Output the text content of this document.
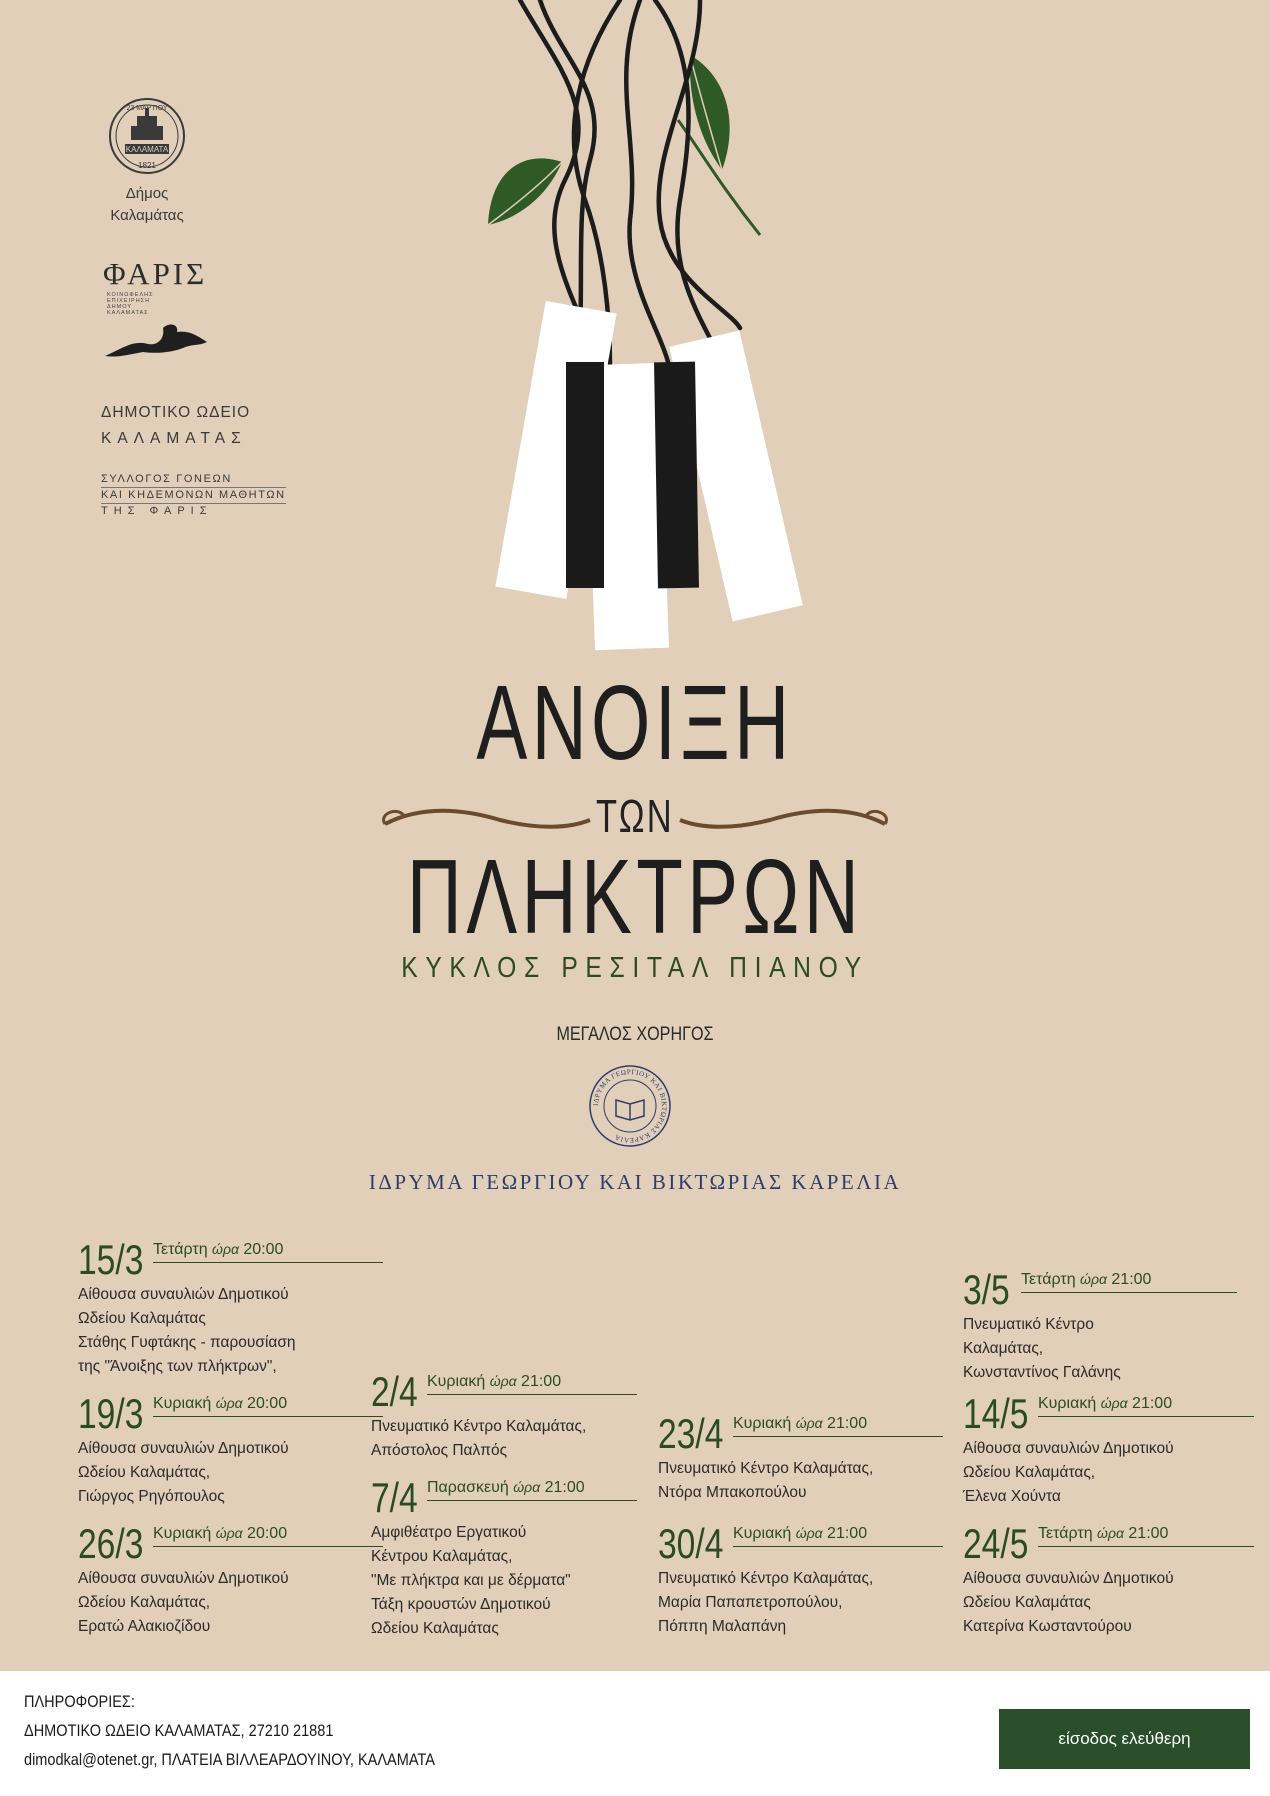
23 ΜΑΡΤΙΟΥ
ΚΑΛΑΜΑΤΑ
1821
Δήμος
Καλαμάτας
ΦΑΡΙΣ
ΚΟΙΝΩΦΕΛΗΣ
ΕΠΙΧΕΙΡΗΣΗ
ΔΗΜΟΥ
ΚΑΛΑΜΑΤΑΣ
ΔΗΜΟΤΙΚΟ ΩΔΕΙΟ
ΚΑΛΑΜΑΤΑΣ
ΣΥΛΛΟΓΟΣ ΓΟΝΕΩΝ
ΚΑΙ ΚΗΔΕΜΟΝΩΝ ΜΑΘΗΤΩΝ
ΤΗΣ ΦΑΡΙΣ
ΑΝΟΙΞΗ
ΤΩΝ
ΠΛΗΚΤΡΩΝ
ΚΥΚΛΟΣ ΡΕΣΙΤΑΛ ΠΙΑΝΟΥ
ΜΕΓΑΛΟΣ ΧΟΡΗΓΟΣ
ΙΔΡΥΜΑ ΓΕΩΡΓΙΟΥ ΚΑΙ ΒΙΚΤΩΡΙΑΣ ΚΑΡΕΛΙΑ
ΙΔΡΥΜΑ ΓΕΩΡΓΙΟΥ ΚΑΙ ΒΙΚΤΩΡΙΑΣ ΚΑΡΕΛΙΑ
15/3 Τετάρτη ώρα 20:00
Αίθουσα συναυλιών Δημοτικού
Ωδείου Καλαμάτας
Στάθης Γυφτάκης - παρουσίαση
της "Άνοιξης των πλήκτρων",
19/3 Κυριακή ώρα 20:00
Αίθουσα συναυλιών Δημοτικού
Ωδείου Καλαμάτας,
Γιώργος Ρηγόπουλος
26/3 Κυριακή ώρα 20:00
Αίθουσα συναυλιών Δημοτικού
Ωδείου Καλαμάτας,
Ερατώ Αλακιοζίδου
2/4 Κυριακή ώρα 21:00
Πνευματικό Κέντρο Καλαμάτας,
Απόστολος Παλπός
7/4 Παρασκευή ώρα 21:00
Αμφιθέατρο Εργατικού
Κέντρου Καλαμάτας,
"Με πλήκτρα και με δέρματα"
Τάξη κρουστών Δημοτικού
Ωδείου Καλαμάτας
23/4 Κυριακή ώρα 21:00
Πνευματικό Κέντρο Καλαμάτας,
Ντόρα Μπακοπούλου
30/4 Κυριακή ώρα 21:00
Πνευματικό Κέντρο Καλαμάτας,
Μαρία Παπαπετροπούλου,
Πόππη Μαλαπάνη
3/5 Τετάρτη ώρα 21:00
Πνευματικό Κέντρο
Καλαμάτας,
Κωνσταντίνος Γαλάνης
14/5 Κυριακή ώρα 21:00
Αίθουσα συναυλιών Δημοτικού
Ωδείου Καλαμάτας,
Έλενα Χούντα
24/5 Τετάρτη ώρα 21:00
Αίθουσα συναυλιών Δημοτικού
Ωδείου Καλαμάτας
Κατερίνα Κωσταντούρου
ΠΛΗΡΟΦΟΡΙΕΣ:
ΔΗΜΟΤΙΚΟ ΩΔΕΙΟ ΚΑΛΑΜΑΤΑΣ, 27210 21881
dimodkal@otenet.gr, ΠΛΑΤΕΙΑ ΒΙΛΛΕΑΡΔΟΥΙΝΟΥ, ΚΑΛΑΜΑΤΑ
είσοδος ελεύθερη
